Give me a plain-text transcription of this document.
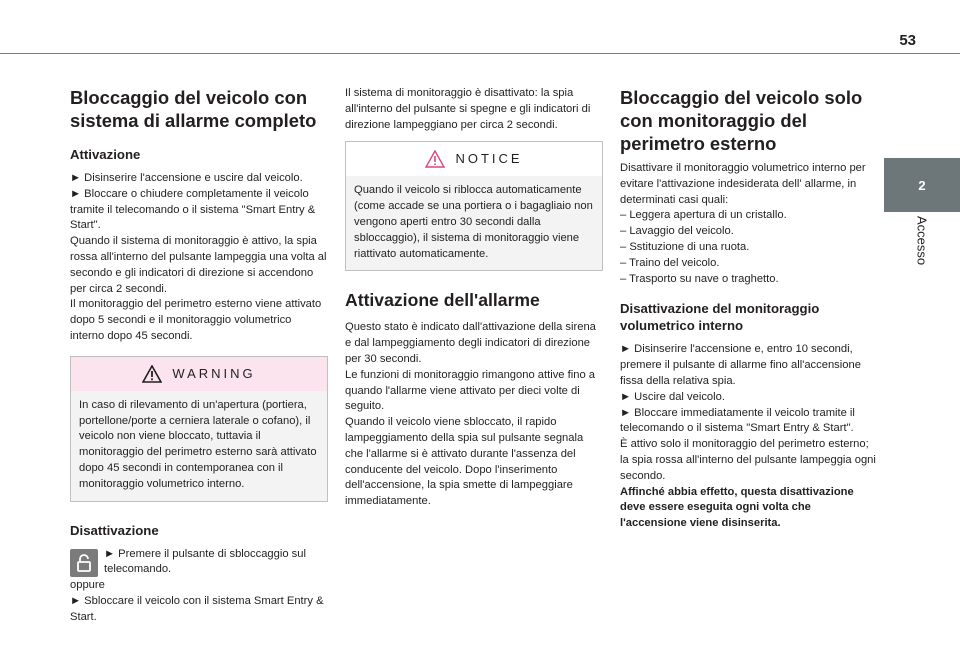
53
2
Accesso
Bloccaggio del veicolo con sistema di allarme completo
Attivazione

► Disinserire l'accensione e uscire dal veicolo.

► Bloccare o chiudere completamente il veicolo tramite il telecomando o il sistema "Smart Entry & Start".

Quando il sistema di monitoraggio è attivo, la spia rossa all'interno del pulsante lampeggia una volta al secondo e gli indicatori di direzione si accendono per circa 2 secondi.

Il monitoraggio del perimetro esterno viene attivato dopo 5 secondi e il monitoraggio volumetrico interno dopo 45 secondi.

WARNING

In caso di rilevamento di un'apertura (portiera, portellone/porte a cerniera laterale o cofano), il veicolo non viene bloccato, tuttavia il monitoraggio del perimetro esterno sarà attivato dopo 45 secondi in contemporanea con il monitoraggio volumetrico interno.

Disattivazione

► Premere il pulsante di sbloccaggio sul telecomando.

oppure

► Sbloccare il veicolo con il sistema Smart Entry & Start.

Il sistema di monitoraggio è disattivato: la spia all'interno del pulsante si spegne e gli indicatori di direzione lampeggiano per circa 2 secondi.

NOTICE

Quando il veicolo si riblocca automaticamente (come accade se una portiera o i bagagliaio non vengono aperti entro 30 secondi dalla sbloccaggio), il sistema di monitoraggio viene riattivato automaticamente.

Attivazione dell'allarme

Questo stato è indicato dall'attivazione della sirena e dal lampeggiamento degli indicatori di direzione per 30 secondi.

Le funzioni di monitoraggio rimangono attive fino a quando l'allarme viene attivato per dieci volte di seguito.

Quando il veicolo viene sbloccato, il rapido lampeggiamento della spia sul pulsante segnala che l'allarme si è attivato durante l'assenza del conducente del veicolo. Dopo l'inserimento dell'accensione, la spia smette di lampeggiare immediatamente.

Bloccaggio del veicolo solo con monitoraggio del perimetro esterno

Disattivare il monitoraggio volumetrico interno per evitare l'attivazione indesiderata dell' allarme, in determinati casi quali:

– Leggera apertura di un cristallo.

– Lavaggio del veicolo.

– Sstituzione di una ruota.

– Traino del veicolo.

– Trasporto su nave o traghetto.

Disattivazione del monitoraggio volumetrico interno

► Disinserire l'accensione e, entro 10 secondi, premere il pulsante di allarme fino all'accensione fissa della relativa spia.

► Uscire dal veicolo.

► Bloccare immediatamente il veicolo tramite il telecomando o il sistema "Smart Entry & Start".

È attivo solo il monitoraggio del perimetro esterno; la spia rossa all'interno del pulsante lampeggia ogni secondo.

Affinché abbia effetto, questa disattivazione deve essere eseguita ogni volta che l'accensione viene disinserita.
